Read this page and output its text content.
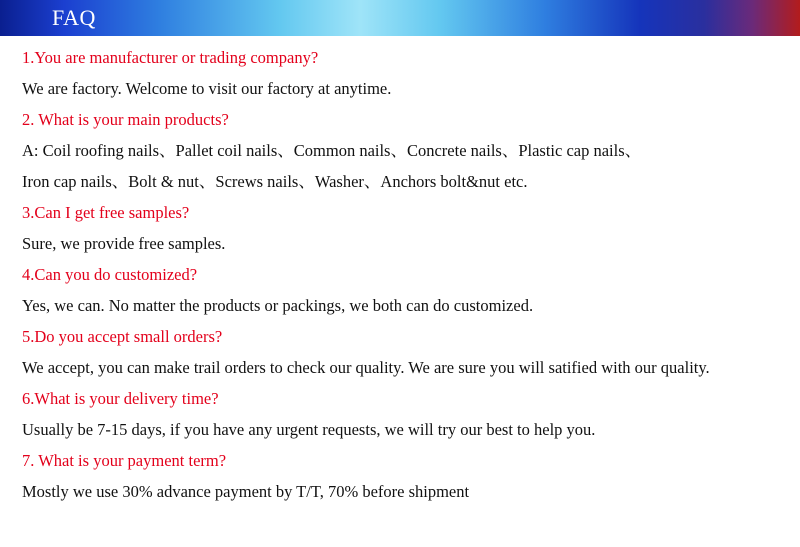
FAQ

1.You are manufacturer or trading company?

We are factory. Welcome to visit our factory at anytime.

2. What is your main products?

A: Coil roofing nails、Pallet coil nails、Common nails、Concrete nails、Plastic cap nails、

Iron cap nails、Bolt & nut、Screws nails、Washer、Anchors bolt&nut etc.

3.Can I get free samples?

Sure, we provide free samples.

4.Can you do customized?

Yes, we can. No matter the products or packings, we both can do customized.

5.Do you accept small orders?

We accept, you can make trail orders to check our quality. We are sure you will satified with our quality.

6.What is your delivery time?

Usually be 7-15 days, if you have any urgent requests, we will try our best to help you.

7. What is your payment term?

Mostly we use 30% advance payment by T/T, 70% before shipment
